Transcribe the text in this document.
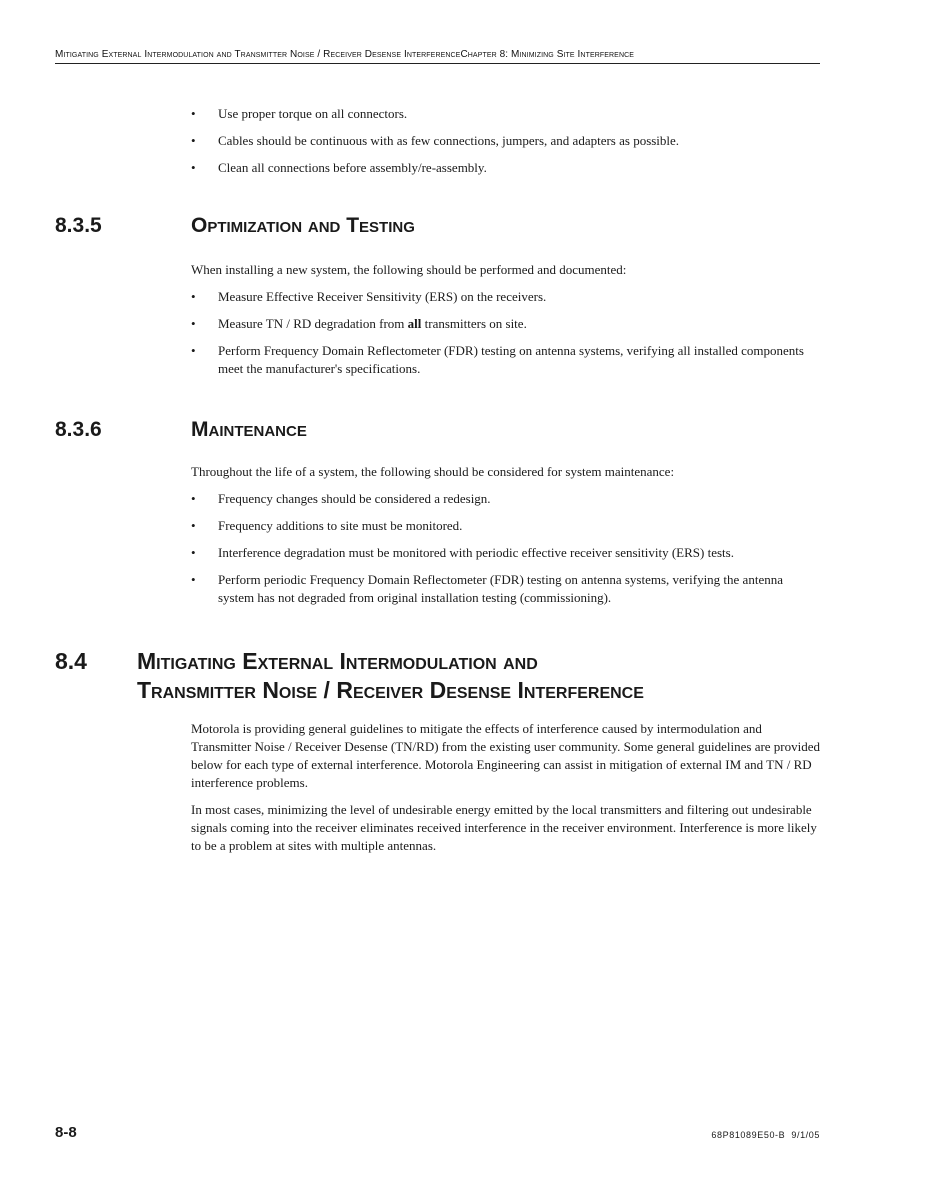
Mitigating External Intermodulation and Transmitter Noise / Receiver Desense InterferenceChapter 8: Minimizing Site Interference
• Use proper torque on all connectors.
• Cables should be continuous with as few connections, jumpers, and adapters as possible.
• Clean all connections before assembly/re-assembly.
8.3.5	Optimization and Testing

When installing a new system, the following should be performed and documented:

• Measure Effective Receiver Sensitivity (ERS) on the receivers.
• Measure TN / RD degradation from all transmitters on site.
• Perform Frequency Domain Reflectometer (FDR) testing on antenna systems, verifying all installed components meet the manufacturer's specifications.
8.3.6	Maintenance

Throughout the life of a system, the following should be considered for system maintenance:

• Frequency changes should be considered a redesign.
• Frequency additions to site must be monitored.
• Interference degradation must be monitored with periodic effective receiver sensitivity (ERS) tests.
• Perform periodic Frequency Domain Reflectometer (FDR) testing on antenna systems, verifying the antenna system has not degraded from original installation testing (commissioning).
8.4 Mitigating External Intermodulation and
Transmitter Noise / Receiver Desense Interference

Motorola is providing general guidelines to mitigate the effects of interference caused by intermodulation and Transmitter Noise / Receiver Desense (TN/RD) from the existing user community. Some general guidelines are provided below for each type of external interference. Motorola Engineering can assist in mitigation of external IM and TN / RD interference problems.

In most cases, minimizing the level of undesirable energy emitted by the local transmitters and filtering out undesirable signals coming into the receiver eliminates received interference in the receiver environment. Interference is more likely to be a problem at sites with multiple antennas.

8-8	68P81089E50-B 9/1/05
